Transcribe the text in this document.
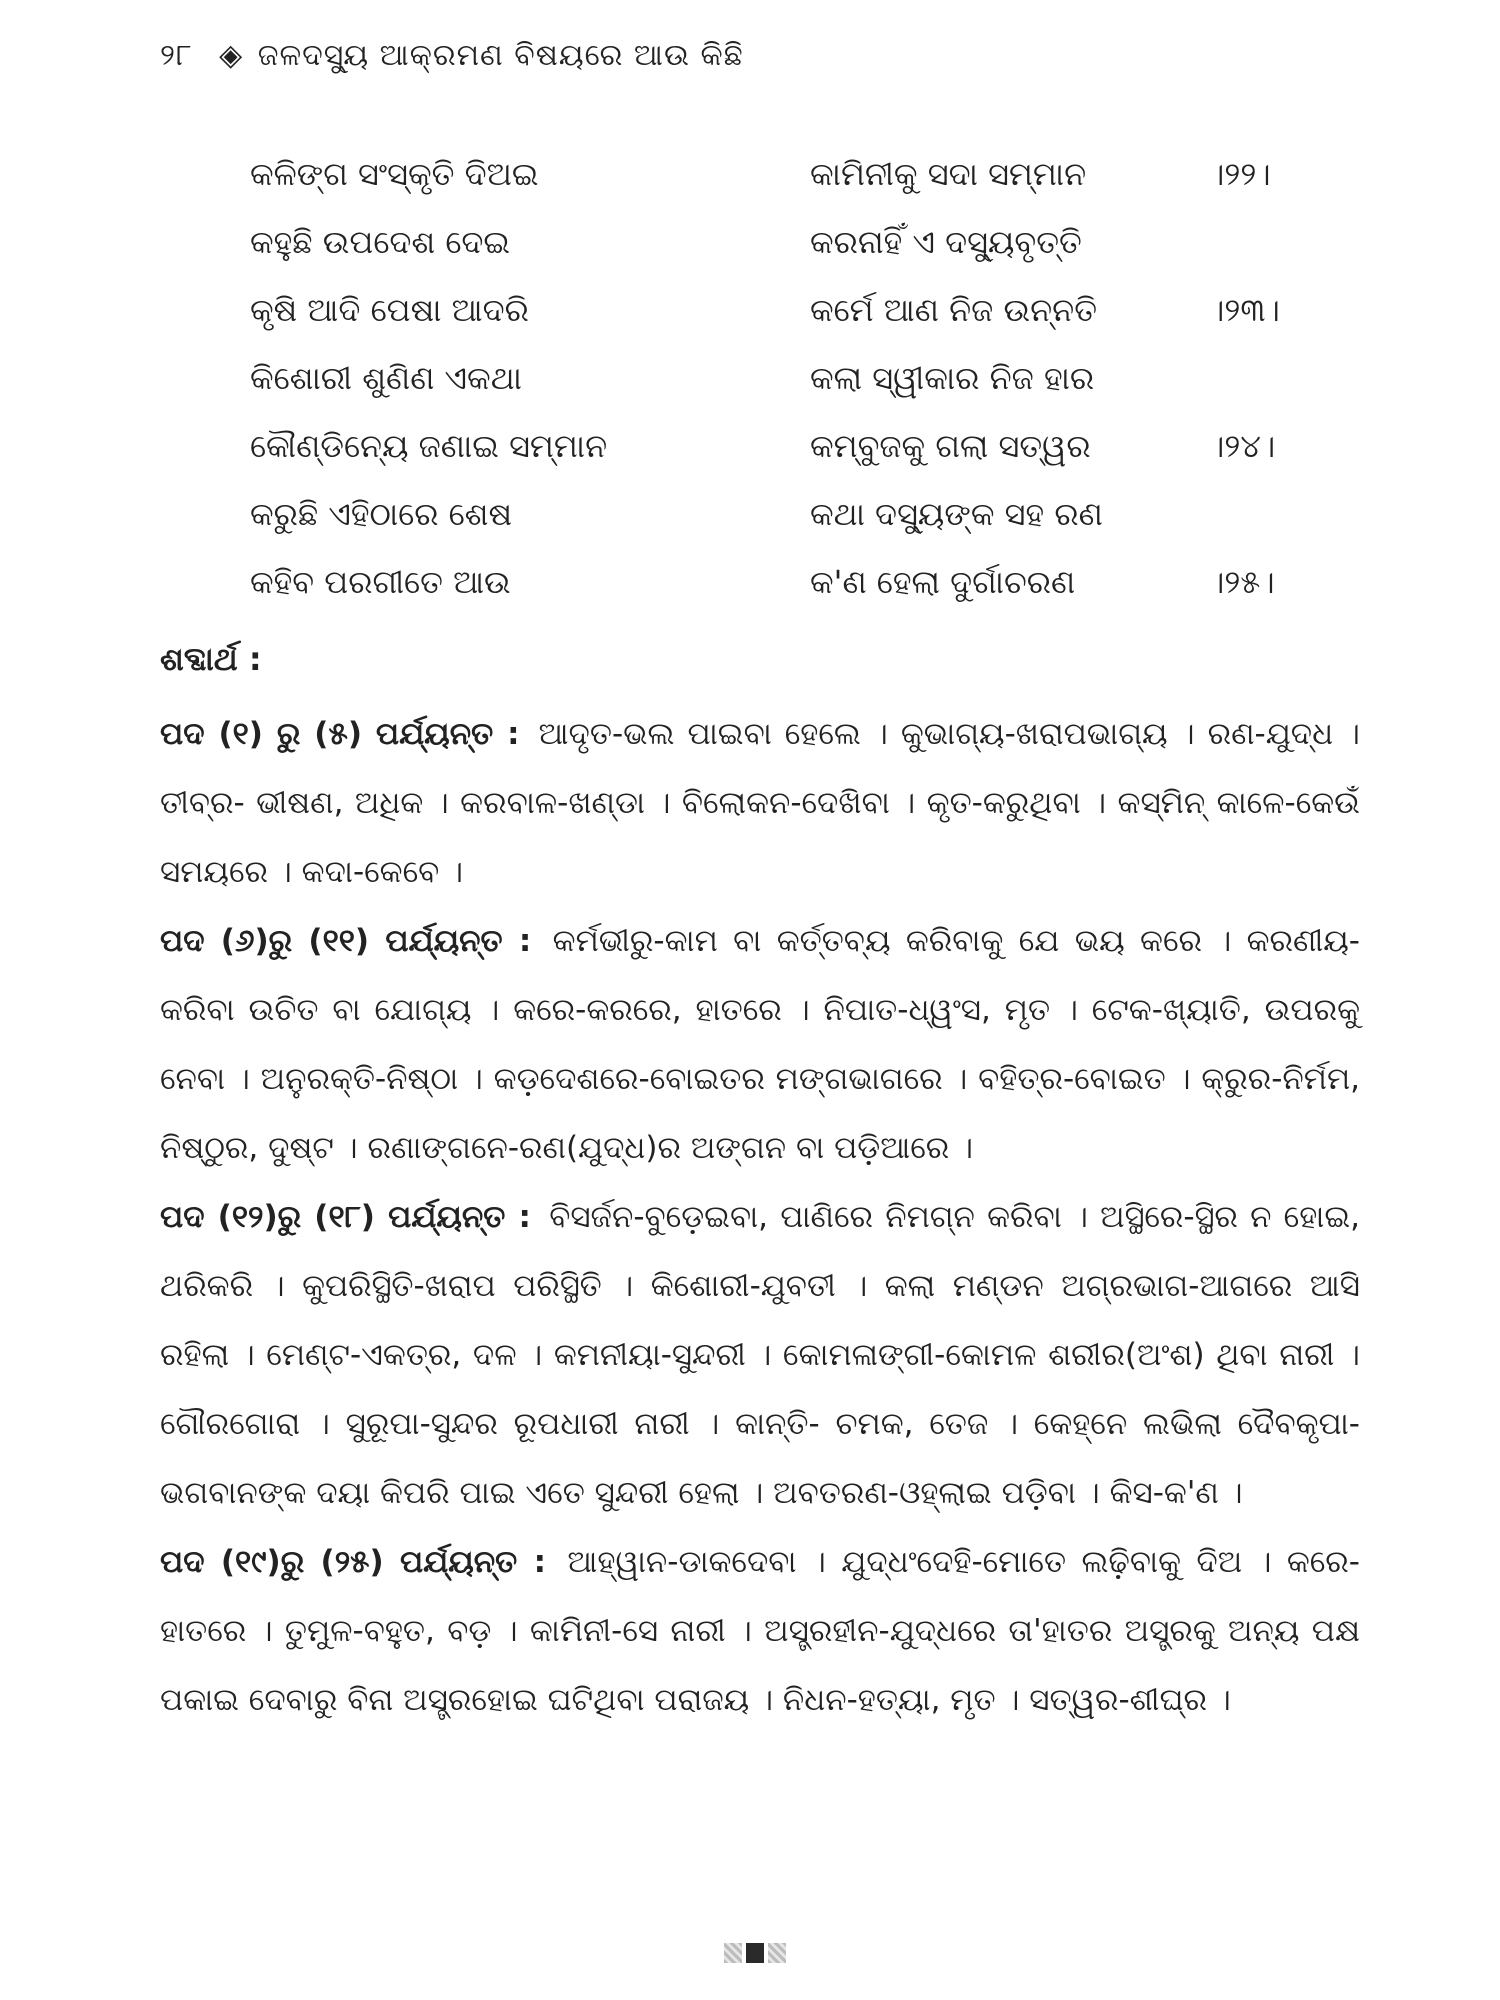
୨୮ ◈ ଜଳଦସ୍ୟୁ ଆକ୍ରମଣ ବିଷୟରେ ଆଉ କିଛି
କଳିଙ୍ଗ ସଂସ୍କୃତି ଦିଅଇ	କାମିନୀକୁ ସଦା ସମ୍ମାନ	।୨୨।
କହୁଛି ଉପଦେଶ ଦେଇ	କରନାହିଁ ଏ ଦସ୍ୟୁବୃତ୍ତି
କୃଷି ଆଦି ପେଷା ଆଦରି	କର୍ମେ ଆଣ ନିଜ ଉନ୍ନତି	।୨୩।
କିଶୋରୀ ଶୁଣିଣ ଏକଥା	କଲା ସ୍ୱୀକାର ନିଜ ହାର
କୌଣ୍ଡିନ୍ୟେ ଜଣାଇ ସମ୍ମାନ	କମ୍ବୁଜକୁ ଗଲା ସତ୍ୱର	।୨୪।
କରୁଛି ଏହିଠାରେ ଶେଷ	କଥା ଦସ୍ୟୁଙ୍କ ସହ ରଣ
କହିବ ପରଗୀତେ ଆଉ	କ'ଣ ହେଲା ଦୁର୍ଗାଚରଣ	।୨୫।
ଶବ୍ଦାର୍ଥ :

ପଦ (୧) ରୁ (୫) ପର୍ଯ୍ୟନ୍ତ : ଆଦୃତ-ଭଲ ପାଇବା ହେଲେ । କୁଭାଗ୍ୟ-ଖରାପଭାଗ୍ୟ । ରଣ-ଯୁଦ୍ଧ । ତୀବ୍ର- ଭୀଷଣ, ଅଧିକ । କରବାଳ-ଖଣ୍ଡା । ବିଲୋକନ-ଦେଖିବା । କୃତ-କରୁଥିବା । କସ୍ମିନ୍ କାଳେ-କେଉଁ ସମୟରେ । କଦା-କେବେ ।

ପଦ (୬)ରୁ (୧୧) ପର୍ଯ୍ୟନ୍ତ : କର୍ମଭୀରୁ-କାମ ବା କର୍ତ୍ତବ୍ୟ କରିବାକୁ ଯେ ଭୟ କରେ । କରଣୀୟ-କରିବା ଉଚିତ ବା ଯୋଗ୍ୟ । କରେ-କରରେ, ହାତରେ । ନିପାତ-ଧ୍ୱଂସ, ମୃତ । ଟେକ-ଖ୍ୟାତି, ଉପରକୁ ନେବା । ଅନୁରକ୍ତି-ନିଷ୍ଠା । କଡ଼ଦେଶରେ-ବୋଇତର ମଙ୍ଗଭାଗରେ । ବହିତ୍ର-ବୋଇତ । କ୍ରୁର-ନିର୍ମମ, ନିଷ୍ଠୁର, ଦୁଷ୍ଟ । ରଣାଙ୍ଗନେ-ରଣ(ଯୁଦ୍ଧ)ର ଅଙ୍ଗନ ବା ପଡ଼ିଆରେ ।

ପଦ (୧୨)ରୁ (୧୮) ପର୍ଯ୍ୟନ୍ତ : ବିସର୍ଜନ-ବୁଡ଼େଇବା, ପାଣିରେ ନିମଗ୍ନ କରିବା । ଅସ୍ଥିରେ-ସ୍ଥିର ନ ହୋଇ, ଥରିକରି । କୁପରିସ୍ଥିତି-ଖରାପ ପରିସ୍ଥିତି । କିଶୋରୀ-ଯୁବତୀ । କଲା ମଣ୍ଡନ ଅଗ୍ରଭାଗ-ଆଗରେ ଆସି ରହିଲା । ମେଣ୍ଟ-ଏକତ୍ର, ଦଳ । କମନୀୟା-ସୁନ୍ଦରୀ । କୋମଳାଙ୍ଗୀ-କୋମଳ ଶରୀର(ଅଂଶ) ଥିବା ନାରୀ । ଗୌରଗୋରା । ସୁରୂପା-ସୁନ୍ଦର ରୂପଧାରୀ ନାରୀ । କାନ୍ତି- ଚମକ, ତେଜ । କେହ୍ନେ ଲଭିଲା ଦୈବକୃପା-ଭଗବାନଙ୍କ ଦୟା କିପରି ପାଇ ଏତେ ସୁନ୍ଦରୀ ହେଲା । ଅବତରଣ-ଓହ୍ଲାଇ ପଡ଼ିବା । କିସ-କ'ଣ ।

ପଦ (୧୯)ରୁ (୨୫) ପର୍ଯ୍ୟନ୍ତ : ଆହ୍ୱାନ-ଡାକଦେବା । ଯୁଦ୍ଧଂଦେହି-ମୋତେ ଲଢ଼ିବାକୁ ଦିଅ । କରେ- ହାତରେ । ତୁମୁଳ-ବହୁତ, ବଡ଼ । କାମିନୀ-ସେ ନାରୀ । ଅସ୍ତ୍ରହୀନ-ଯୁଦ୍ଧରେ ତା'ହାତର ଅସ୍ତ୍ରକୁ ଅନ୍ୟ ପକ୍ଷ ପକାଇ ଦେବାରୁ ବିନା ଅସ୍ତ୍ରହୋଇ ଘଟିଥିବା ପରାଜୟ । ନିଧନ-ହତ୍ୟା, ମୃତ । ସତ୍ୱର-ଶୀଘ୍ର ।
